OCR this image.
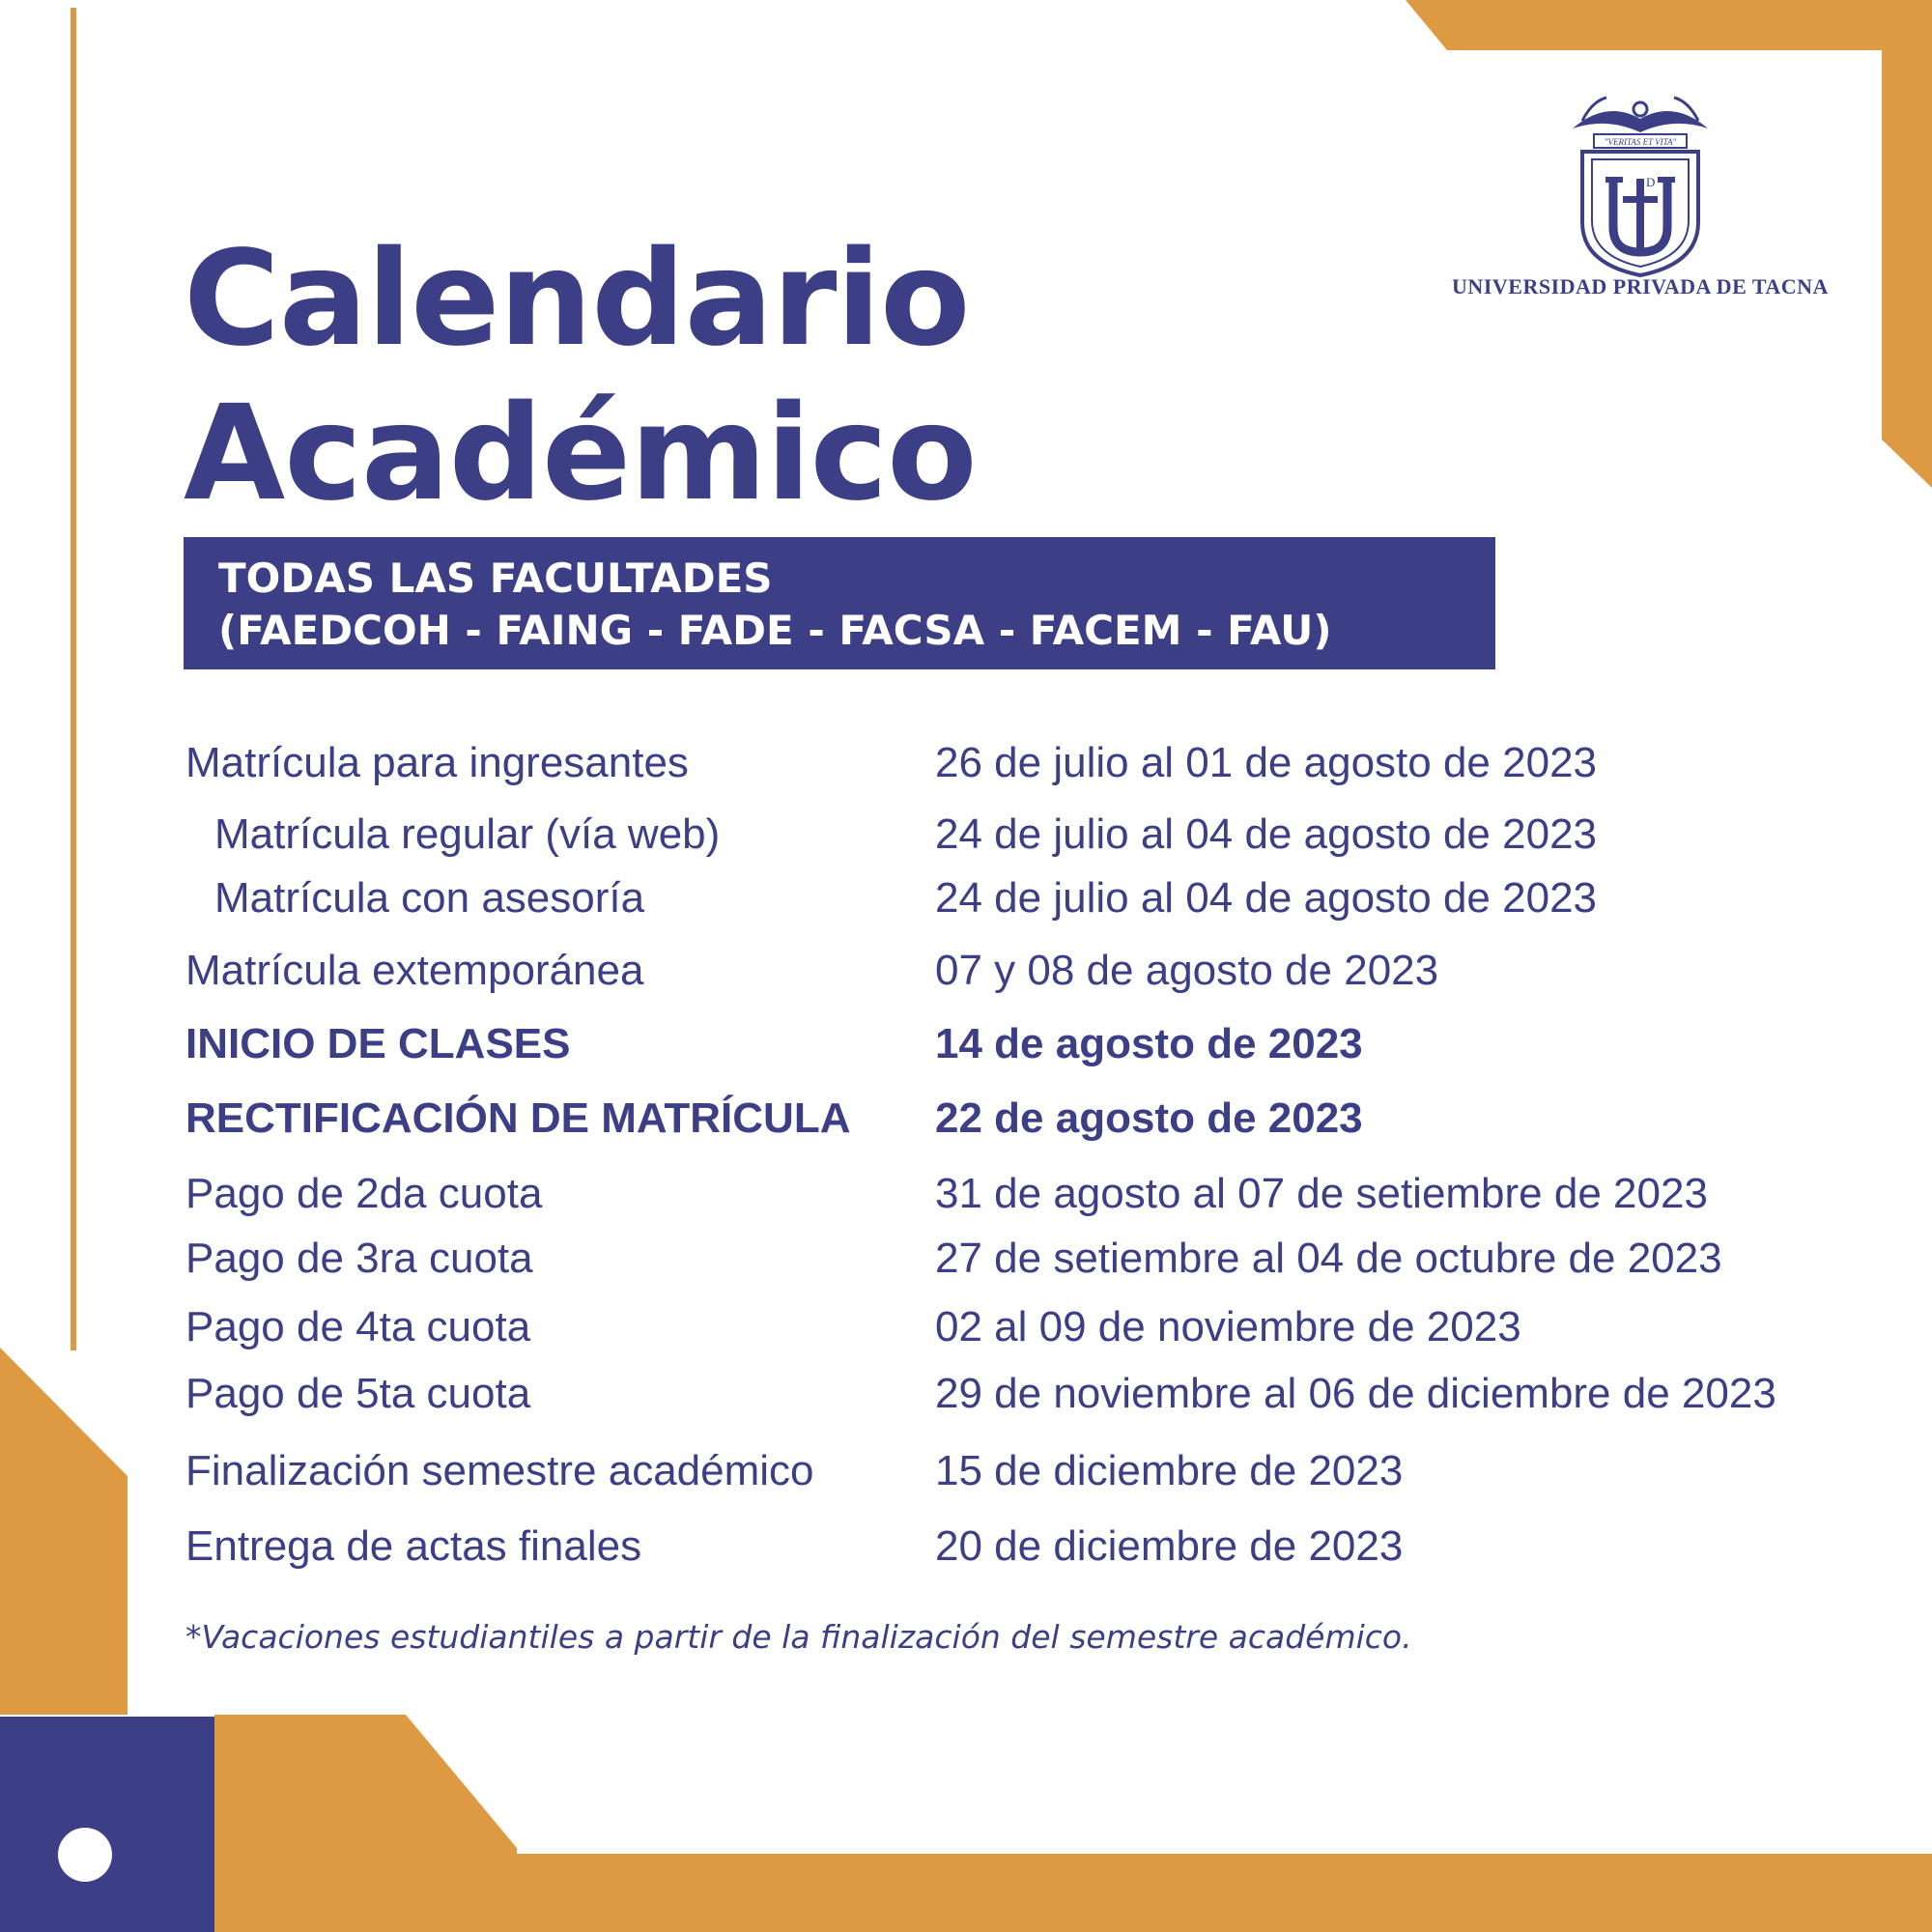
Calendario
Académico
TODAS LAS FACULTADES
(FAEDCOH - FAING - FADE - FACSA - FACEM - FAU)
"VERITAS ET VITA"
D
UNIVERSIDAD PRIVADA DE TACNA
Matrícula para ingresantes	26 de julio al 01 de agosto de 2023
Matrícula regular (vía web)	24 de julio al 04 de agosto de 2023
Matrícula con asesoría	24 de julio al 04 de agosto de 2023
Matrícula extemporánea	07 y 08 de agosto de 2023
INICIO DE CLASES	14 de agosto de 2023
RECTIFICACIÓN DE MATRÍCULA 22 de agosto de 2023
Pago de 2da cuota	31 de agosto al 07 de setiembre de 2023
Pago de 3ra cuota	27 de setiembre al 04 de octubre de 2023
Pago de 4ta cuota	02 al 09 de noviembre de 2023
Pago de 5ta cuota	29 de noviembre al 06 de diciembre de 2023
Finalización semestre académico	15 de diciembre de 2023
Entrega de actas finales	20 de diciembre de 2023
*Vacaciones estudiantiles a partir de la finalización del semestre académico.
